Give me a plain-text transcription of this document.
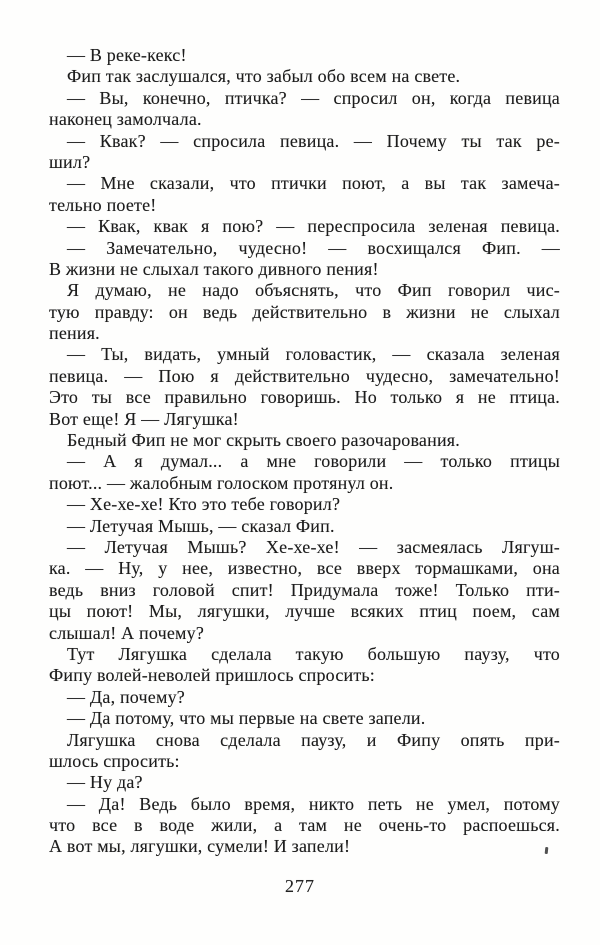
— В реке-кекс!
Фип так заслушался, что забыл обо всем на свете.
— Вы, конечно, птичка? — спросил он, когда певица
наконец замолчала.
— Квак? — спросила певица. — Почему ты так ре-
шил?
— Мне сказали, что птички поют, а вы так замеча-
тельно поете!
— Квак, квак я пою? — переспросила зеленая певица.
— Замечательно, чудесно! — восхищался Фип. —
В жизни не слыхал такого дивного пения!
Я думаю, не надо объяснять, что Фип говорил чис-
тую правду: он ведь действительно в жизни не слыхал
пения.
— Ты, видать, умный головастик, — сказала зеленая
певица. — Пою я действительно чудесно, замечательно!
Это ты все правильно говоришь. Но только я не птица.
Вот еще! Я — Лягушка!
Бедный Фип не мог скрыть своего разочарования.
— А я думал... а мне говорили — только птицы
поют... — жалобным голоском протянул он.
— Хе-хе-хе! Кто это тебе говорил?
— Летучая Мышь, — сказал Фип.
— Летучая Мышь? Хе-хе-хе! — засмеялась Лягуш-
ка. — Ну, у нее, известно, все вверх тормашками, она
ведь вниз головой спит! Придумала тоже! Только пти-
цы поют! Мы, лягушки, лучше всяких птиц поем, сам
слышал! А почему?
Тут Лягушка сделала такую большую паузу, что
Фипу волей-неволей пришлось спросить:
— Да, почему?
— Да потому, что мы первые на свете запели.
Лягушка снова сделала паузу, и Фипу опять при-
шлось спросить:
— Ну да?
— Да! Ведь было время, никто петь не умел, потому
что все в воде жили, а там не очень-то распоешься.
А вот мы, лягушки, сумели! И запели!
277
